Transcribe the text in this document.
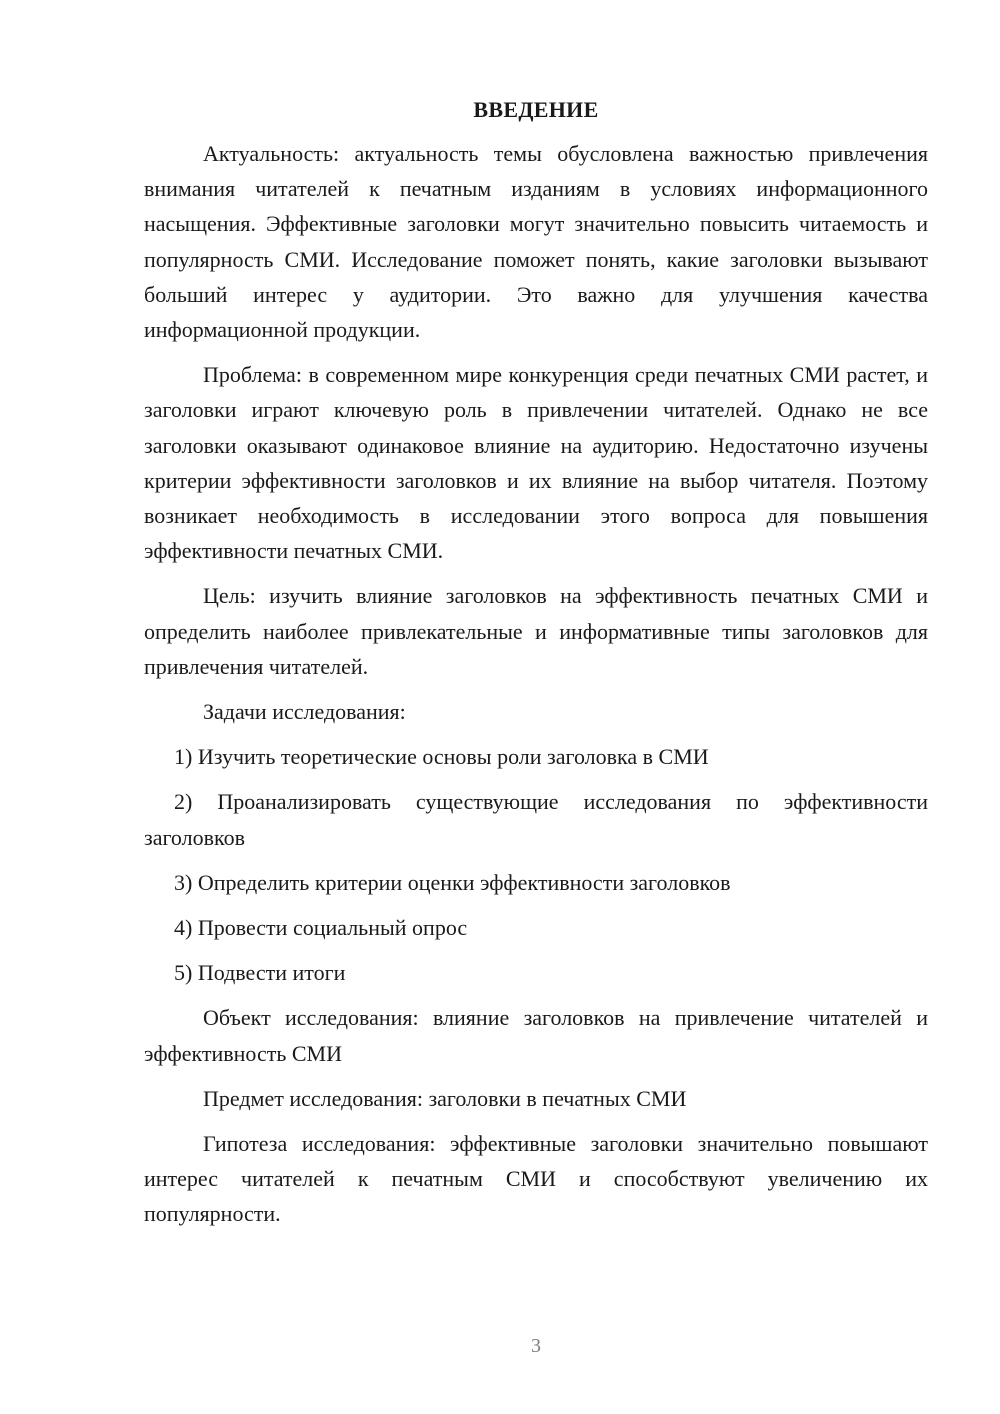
ВВЕДЕНИЕ

Актуальность: актуальность темы обусловлена важностью привлечения внимания читателей к печатным изданиям в условиях информационного насыщения. Эффективные заголовки могут значительно повысить читаемость и популярность СМИ. Исследование поможет понять, какие заголовки вызывают больший интерес у аудитории. Это важно для улучшения качества информационной продукции.

Проблема: в современном мире конкуренция среди печатных СМИ растет, и заголовки играют ключевую роль в привлечении читателей. Однако не все заголовки оказывают одинаковое влияние на аудиторию. Недостаточно изучены критерии эффективности заголовков и их влияние на выбор читателя. Поэтому возникает необходимость в исследовании этого вопроса для повышения эффективности печатных СМИ.

Цель: изучить влияние заголовков на эффективность печатных СМИ и определить наиболее привлекательные и информативные типы заголовков для привлечения читателей.

Задачи исследования:

1) Изучить теоретические основы роли заголовка в СМИ

2) Проанализировать существующие исследования по эффективности заголовков

3) Определить критерии оценки эффективности заголовков

4) Провести социальный опрос

5) Подвести итоги

Объект исследования: влияние заголовков на привлечение читателей и эффективность СМИ

Предмет исследования: заголовки в печатных СМИ

Гипотеза исследования: эффективные заголовки значительно повышают интерес читателей к печатным СМИ и способствуют увеличению их популярности.

3
